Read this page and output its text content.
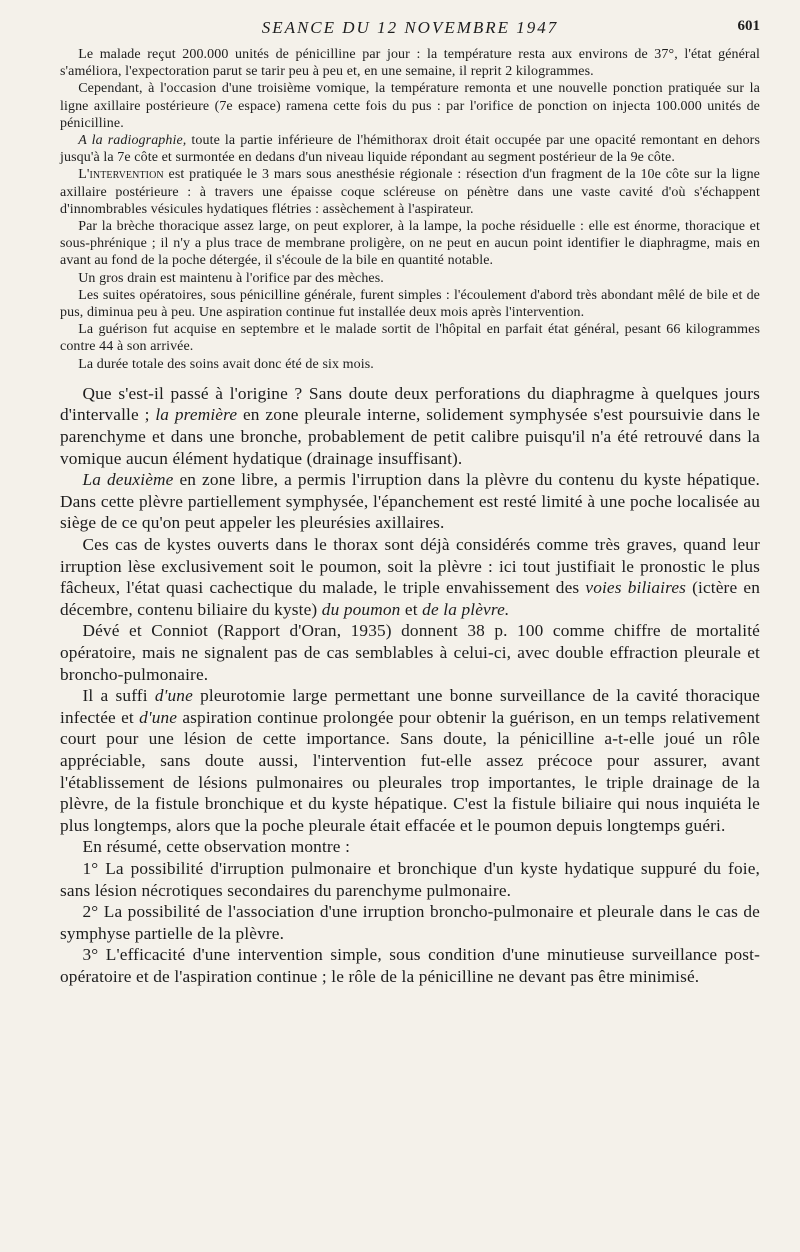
SEANCE DU 12 NOVEMBRE 1947	601

Le malade reçut 200.000 unités de pénicilline par jour : la température resta aux environs de 37°, l'état général s'améliora, l'expectoration parut se tarir peu à peu et, en une semaine, il reprit 2 kilogrammes.

Cependant, à l'occasion d'une troisième vomique, la température remonta et une nouvelle ponction pratiquée sur la ligne axillaire postérieure (7e espace) ramena cette fois du pus : par l'orifice de ponction on injecta 100.000 unités de pénicilline.

A la radiographie, toute la partie inférieure de l'hémithorax droit était occupée par une opacité remontant en dehors jusqu'à la 7e côte et surmontée en dedans d'un niveau liquide répondant au segment postérieur de la 9e côte.

L'intervention est pratiquée le 3 mars sous anesthésie régionale : résection d'un fragment de la 10e côte sur la ligne axillaire postérieure : à travers une épaisse coque scléreuse on pénètre dans une vaste cavité d'où s'échappent d'innombrables vésicules hydatiques flétries : assèchement à l'aspirateur.

Par la brèche thoracique assez large, on peut explorer, à la lampe, la poche résiduelle : elle est énorme, thoracique et sous-phrénique ; il n'y a plus trace de membrane proligère, on ne peut en aucun point identifier le diaphragme, mais en avant au fond de la poche détergée, il s'écoule de la bile en quantité notable.

Un gros drain est maintenu à l'orifice par des mèches.

Les suites opératoires, sous pénicilline générale, furent simples : l'écoulement d'abord très abondant mêlé de bile et de pus, diminua peu à peu. Une aspiration continue fut installée deux mois après l'intervention.

La guérison fut acquise en septembre et le malade sortit de l'hôpital en parfait état général, pesant 66 kilogrammes contre 44 à son arrivée.

La durée totale des soins avait donc été de six mois.

Que s'est-il passé à l'origine ? Sans doute deux perforations du diaphragme à quelques jours d'intervalle ; la première en zone pleurale interne, solidement symphysée s'est poursuivie dans le parenchyme et dans une bronche, probablement de petit calibre puisqu'il n'a été retrouvé dans la vomique aucun élément hydatique (drainage insuffisant).

La deuxième en zone libre, a permis l'irruption dans la plèvre du contenu du kyste hépatique. Dans cette plèvre partiellement symphysée, l'épanchement est resté limité à une poche localisée au siège de ce qu'on peut appeler les pleurésies axillaires.

Ces cas de kystes ouverts dans le thorax sont déjà considérés comme très graves, quand leur irruption lèse exclusivement soit le poumon, soit la plèvre : ici tout justifiait le pronostic le plus fâcheux, l'état quasi cachectique du malade, le triple envahissement des voies biliaires (ictère en décembre, contenu biliaire du kyste) du poumon et de la plèvre.

Dévé et Conniot (Rapport d'Oran, 1935) donnent 38 p. 100 comme chiffre de mortalité opératoire, mais ne signalent pas de cas semblables à celui-ci, avec double effraction pleurale et broncho-pulmonaire.

Il a suffi d'une pleurotomie large permettant une bonne surveillance de la cavité thoracique infectée et d'une aspiration continue prolongée pour obtenir la guérison, en un temps relativement court pour une lésion de cette importance. Sans doute, la pénicilline a-t-elle joué un rôle appréciable, sans doute aussi, l'intervention fut-elle assez précoce pour assurer, avant l'établissement de lésions pulmonaires ou pleurales trop importantes, le triple drainage de la plèvre, de la fistule bronchique et du kyste hépatique. C'est la fistule biliaire qui nous inquiéta le plus longtemps, alors que la poche pleurale était effacée et le poumon depuis longtemps guéri.

En résumé, cette observation montre :

1° La possibilité d'irruption pulmonaire et bronchique d'un kyste hydatique suppuré du foie, sans lésion nécrotiques secondaires du parenchyme pulmonaire.

2° La possibilité de l'association d'une irruption broncho-pulmonaire et pleurale dans le cas de symphyse partielle de la plèvre.

3° L'efficacité d'une intervention simple, sous condition d'une minutieuse surveillance post-opératoire et de l'aspiration continue ; le rôle de la pénicilline ne devant pas être minimisé.
